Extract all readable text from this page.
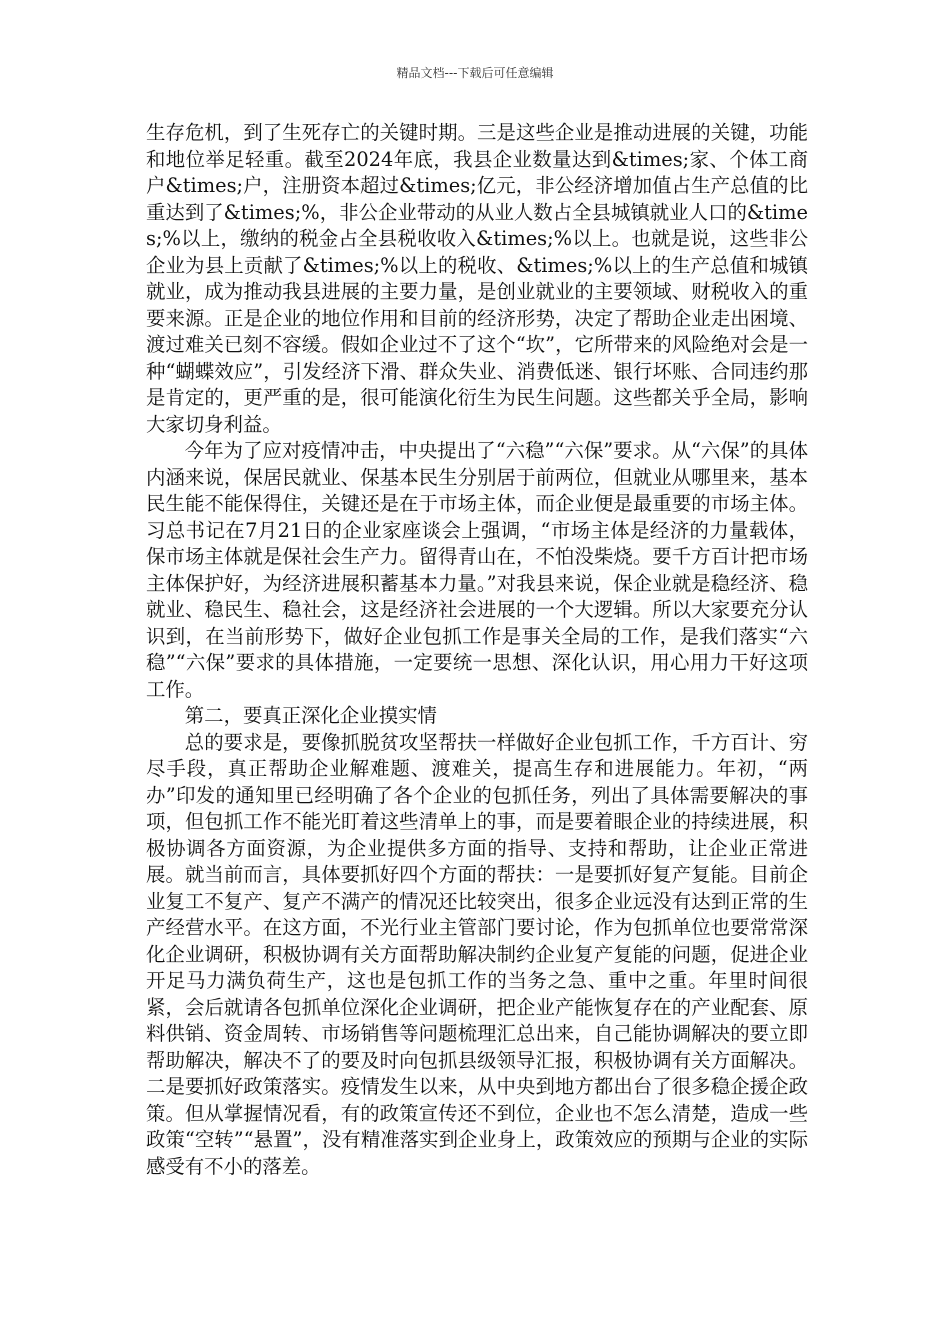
精品文档---下载后可任意编辑

生存危机，到了生死存亡的关键时期。三是这些企业是推动进展的关键，功能和地位举足轻重。截至2024年底，我县企业数量达到&times;家、个体工商户&times;户，注册资本超过&times;亿元，非公经济增加值占生产总值的比重达到了&times;%，非公企业带动的从业人数占全县城镇就业人口的&times;%以上，缴纳的税金占全县税收收入&times;%以上。也就是说，这些非公企业为县上贡献了&times;%以上的税收、&times;%以上的生产总值和城镇就业，成为推动我县进展的主要力量，是创业就业的主要领域、财税收入的重要来源。正是企业的地位作用和目前的经济形势，决定了帮助企业走出困境、渡过难关已刻不容缓。假如企业过不了这个“坎”，它所带来的风险绝对会是一种“蝴蝶效应”，引发经济下滑、群众失业、消费低迷、银行坏账、合同违约那是肯定的，更严重的是，很可能演化衍生为民生问题。这些都关乎全局，影响大家切身利益。

今年为了应对疫情冲击，中央提出了“六稳”“六保”要求。从“六保”的具体内涵来说，保居民就业、保基本民生分别居于前两位，但就业从哪里来，基本民生能不能保得住，关键还是在于市场主体，而企业便是最重要的市场主体。习总书记在7月21日的企业家座谈会上强调，“市场主体是经济的力量载体，保市场主体就是保社会生产力。留得青山在，不怕没柴烧。要千方百计把市场主体保护好，为经济进展积蓄基本力量。”对我县来说，保企业就是稳经济、稳就业、稳民生、稳社会，这是经济社会进展的一个大逻辑。所以大家要充分认识到，在当前形势下，做好企业包抓工作是事关全局的工作，是我们落实“六稳”“六保”要求的具体措施，一定要统一思想、深化认识，用心用力干好这项工作。

第二，要真正深化企业摸实情

总的要求是，要像抓脱贫攻坚帮扶一样做好企业包抓工作，千方百计、穷尽手段，真正帮助企业解难题、渡难关，提高生存和进展能力。年初，“两办”印发的通知里已经明确了各个企业的包抓任务，列出了具体需要解决的事项，但包抓工作不能光盯着这些清单上的事，而是要着眼企业的持续进展，积极协调各方面资源，为企业提供多方面的指导、支持和帮助，让企业正常进展。就当前而言，具体要抓好四个方面的帮扶：一是要抓好复产复能。目前企业复工不复产、复产不满产的情况还比较突出，很多企业远没有达到正常的生产经营水平。在这方面，不光行业主管部门要讨论，作为包抓单位也要常常深化企业调研，积极协调有关方面帮助解决制约企业复产复能的问题，促进企业开足马力满负荷生产，这也是包抓工作的当务之急、重中之重。年里时间很紧，会后就请各包抓单位深化企业调研，把企业产能恢复存在的产业配套、原料供销、资金周转、市场销售等问题梳理汇总出来，自己能协调解决的要立即帮助解决，解决不了的要及时向包抓县级领导汇报，积极协调有关方面解决。二是要抓好政策落实。疫情发生以来，从中央到地方都出台了很多稳企援企政策。但从掌握情况看，有的政策宣传还不到位，企业也不怎么清楚，造成一些政策“空转”“悬置”，没有精准落实到企业身上，政策效应的预期与企业的实际感受有不小的落差。
